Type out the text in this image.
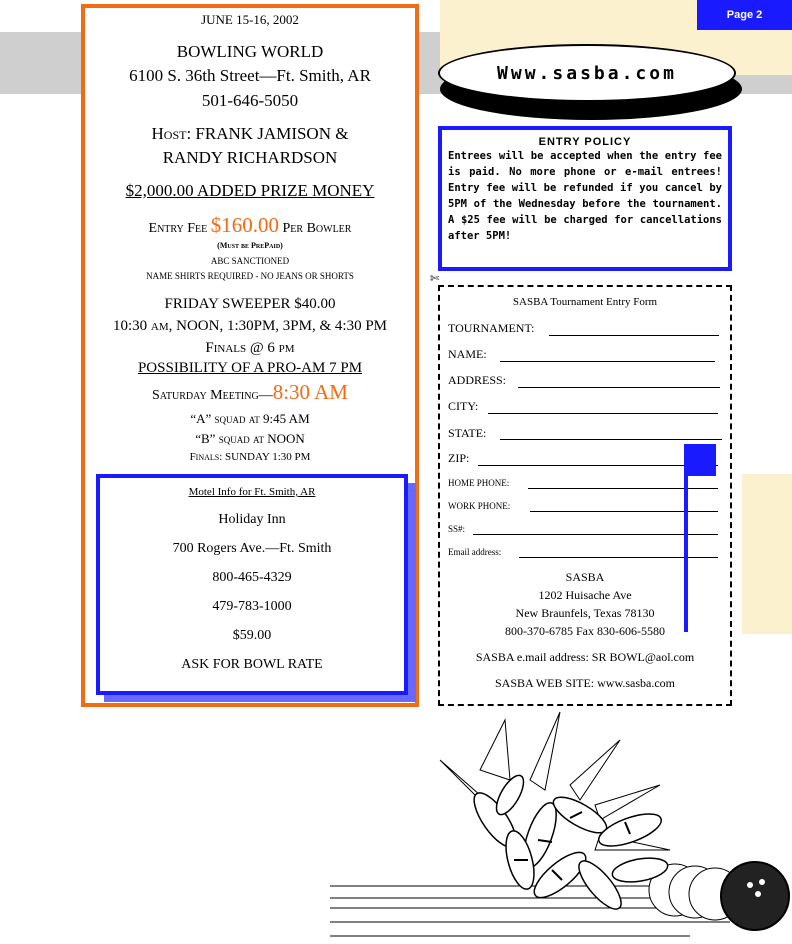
Page 2
Www.sasba.com
JUNE 15-16, 2002
BOWLING WORLD
6100 S. 36th Street—Ft. Smith, AR
501-646-5050
Host: FRANK JAMISON &
RANDY RICHARDSON
$2,000.00 ADDED PRIZE MONEY
Entry Fee $160.00 Per Bowler
(Must be PrePaid)
ABC SANCTIONED
NAME SHIRTS REQUIRED - NO JEANS OR SHORTS
FRIDAY SWEEPER $40.00
10:30 am, NOON, 1:30PM, 3PM, & 4:30 PM
Finals @ 6 pm
POSSIBILITY OF A PRO-AM 7 PM
Saturday Meeting—8:30 AM
“A” squad at 9:45 AM
“B” squad at NOON
Finals: SUNDAY 1:30 PM
Motel Info for Ft. Smith, AR
Holiday Inn
700 Rogers Ave.—Ft. Smith
800-465-4329
479-783-1000
$59.00
ASK FOR BOWL RATE
ENTRY POLICY
Entrees will be accepted when the entry fee is paid. No more phone or e-mail entrees! Entry fee will be refunded if you cancel by 5PM of the Wednesday before the tournament. A $25 fee will be charged for cancellations after 5PM!
✄
SASBA Tournament Entry Form
TOURNAMENT:
NAME:
ADDRESS:
CITY:
STATE:
ZIP:
HOME PHONE:
WORK PHONE:
SS#:
Email address:
SASBA
1202 Huisache Ave
New Braunfels, Texas 78130
800-370-6785 Fax 830-606-5580
SASBA e.mail address: SR BOWL@aol.com
SASBA WEB SITE: www.sasba.com
